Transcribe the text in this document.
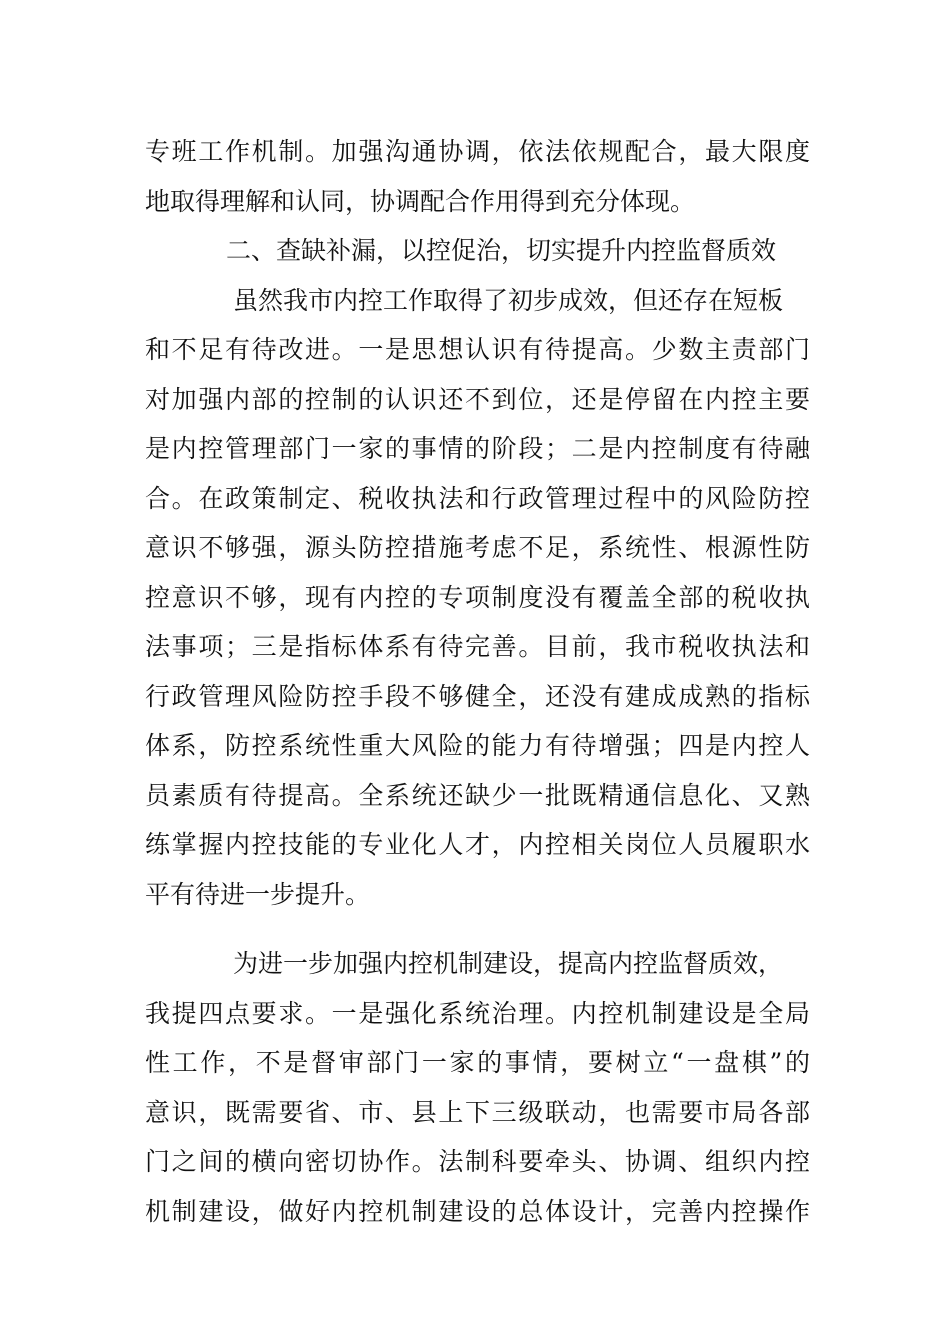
专班工作机制。加强沟通协调，依法依规配合，最大限度
地取得理解和认同，协调配合作用得到充分体现。
二、查缺补漏，以控促治，切实提升内控监督质效
虽然我市内控工作取得了初步成效，但还存在短板
和不足有待改进。一是思想认识有待提高。少数主责部门
对加强内部的控制的认识还不到位，还是停留在内控主要
是内控管理部门一家的事情的阶段；二是内控制度有待融
合。在政策制定、税收执法和行政管理过程中的风险防控
意识不够强，源头防控措施考虑不足，系统性、根源性防
控意识不够，现有内控的专项制度没有覆盖全部的税收执
法事项；三是指标体系有待完善。目前，我市税收执法和
行政管理风险防控手段不够健全，还没有建成成熟的指标
体系，防控系统性重大风险的能力有待增强；四是内控人
员素质有待提高。全系统还缺少一批既精通信息化、又熟
练掌握内控技能的专业化人才，内控相关岗位人员履职水
平有待进一步提升。
为进一步加强内控机制建设，提高内控监督质效，
我提四点要求。一是强化系统治理。内控机制建设是全局
性工作，不是督审部门一家的事情，要树立“一盘棋”的
意识，既需要省、市、县上下三级联动，也需要市局各部
门之间的横向密切协作。法制科要牵头、协调、组织内控
机制建设，做好内控机制建设的总体设计，完善内控操作
